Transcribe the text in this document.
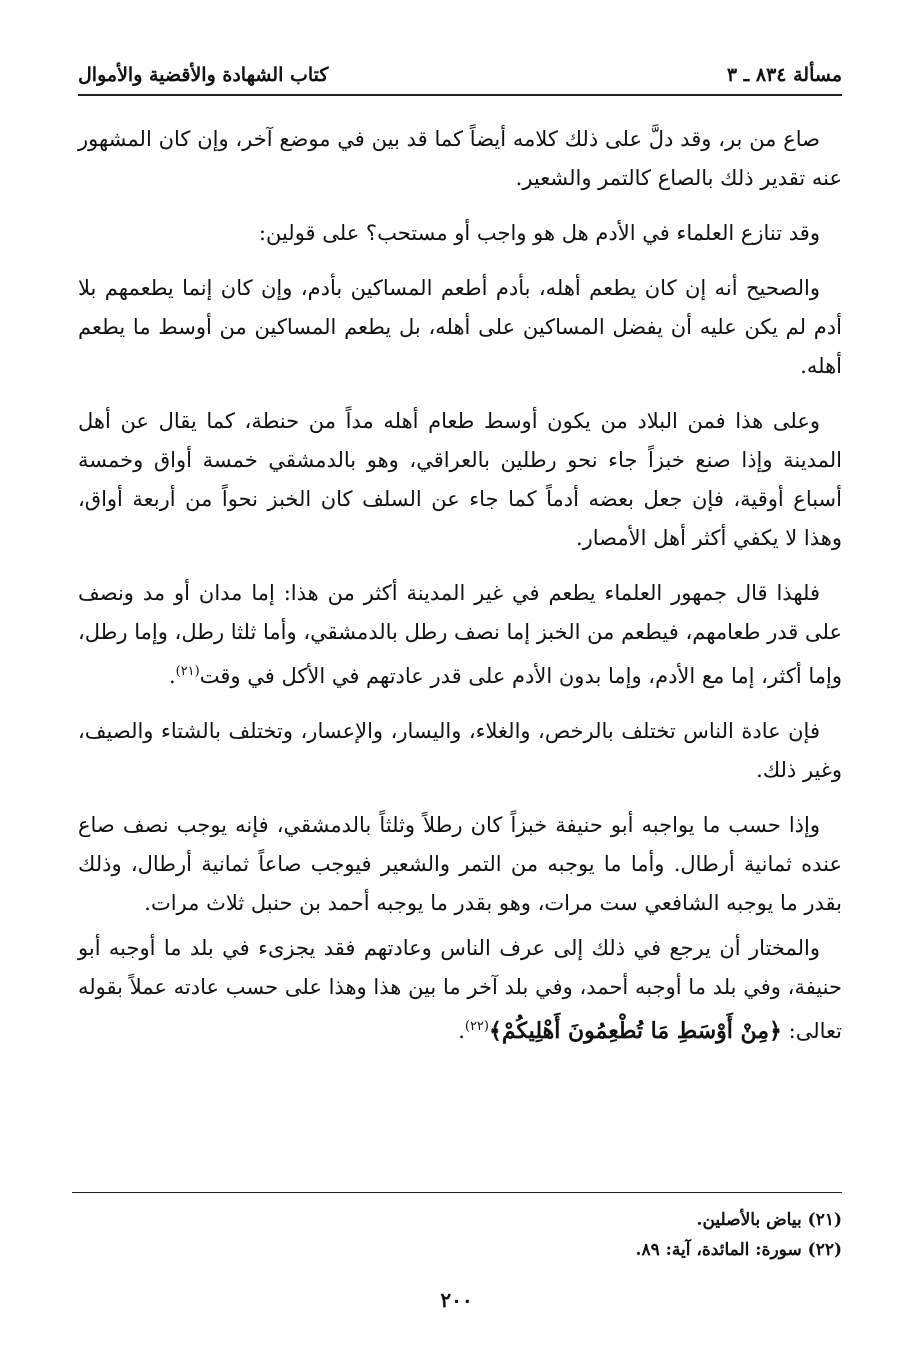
مسألة ٨٣٤ ـ ٣
كتاب الشهادة والأقضية والأموال

صاع من بر، وقد دلَّ على ذلك كلامه أيضاً كما قد بين في موضع آخر، وإن كان المشهور عنه تقدير ذلك بالصاع كالتمر والشعير.

وقد تنازع العلماء في الأدم هل هو واجب أو مستحب؟ على قولين:

والصحيح أنه إن كان يطعم أهله، بأدم أطعم المساكين بأدم، وإن كان إنما يطعمهم بلا أدم لم يكن عليه أن يفضل المساكين على أهله، بل يطعم المساكين من أوسط ما يطعم أهله.

وعلى هذا فمن البلاد من يكون أوسط طعام أهله مداً من حنطة، كما يقال عن أهل المدينة وإذا صنع خبزاً جاء نحو رطلين بالعراقي، وهو بالدمشقي خمسة أواق وخمسة أسباع أوقية، فإن جعل بعضه أدماً كما جاء عن السلف كان الخبز نحواً من أربعة أواق، وهذا لا يكفي أكثر أهل الأمصار.

فلهذا قال جمهور العلماء يطعم في غير المدينة أكثر من هذا: إما مدان أو مد ونصف على قدر طعامهم، فيطعم من الخبز إما نصف رطل بالدمشقي، وأما ثلثا رطل، وإما رطل، وإما أكثر، إما مع الأدم، وإما بدون الأدم على قدر عادتهم في الأكل في وقت$^{(٢١)}$.

فإن عادة الناس تختلف بالرخص، والغلاء، واليسار، والإعسار، وتختلف بالشتاء والصيف، وغير ذلك.

وإذا حسب ما يواجبه أبو حنيفة خبزاً كان رطلاً وثلثاً بالدمشقي، فإنه يوجب نصف صاع عنده ثمانية أرطال. وأما ما يوجبه من التمر والشعير فيوجب صاعاً ثمانية أرطال، وذلك بقدر ما يوجبه الشافعي ست مرات، وهو بقدر ما يوجبه أحمد بن حنبل ثلاث مرات.

والمختار أن يرجع في ذلك إلى عرف الناس وعادتهم فقد يجزىء في بلد ما أوجبه أبو حنيفة، وفي بلد ما أوجبه أحمد، وفي بلد آخر ما بين هذا وهذا على حسب عادته عملاً بقوله تعالى: ﴿مِنْ أَوْسَطِ مَا تُطْعِمُونَ أَهْلِيكُمْ﴾$^{(٢٢)}$.

(٢١) بياض بالأصلين.
(٢٢) سورة: المائدة، آية: ٨٩.
٢٠٠
